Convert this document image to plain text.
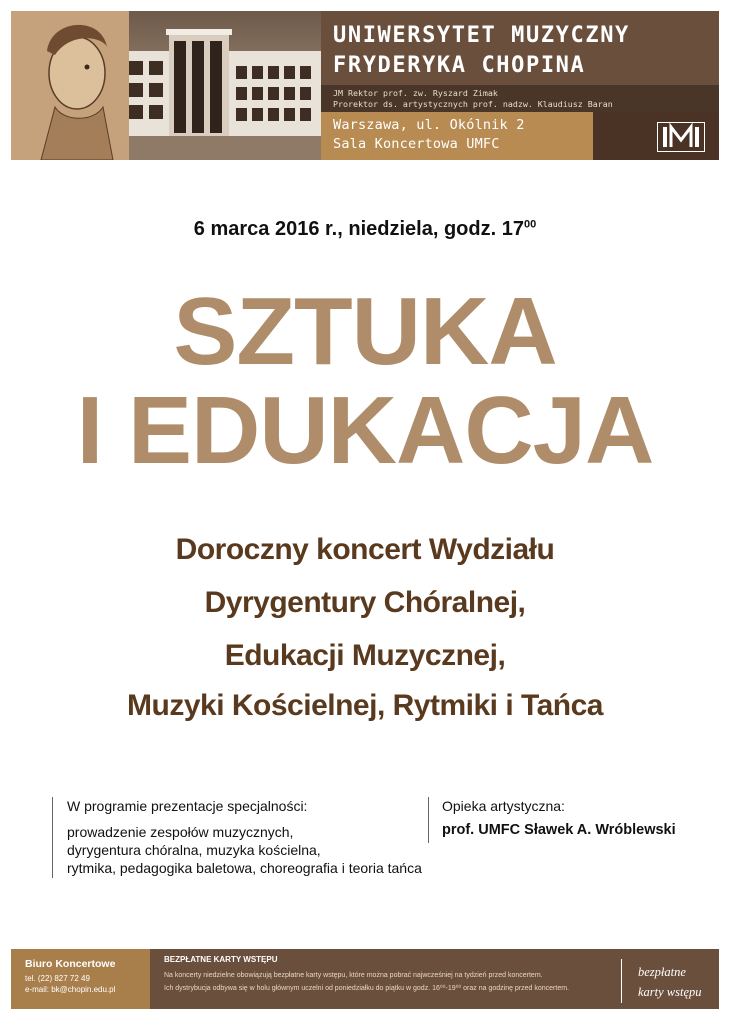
UNIWERSYTET MUZYCZNY
FRYDERYKA CHOPINA
JM Rektor prof. zw. Ryszard Zimak
Prorektor ds. artystycznych prof. nadzw. Klaudiusz Baran
Warszawa, ul. Okólnik 2
Sala Koncertowa UMFC
6 marca 2016 r., niedziela, godz. $17^{00}$
SZTUKA
I EDUKACJA
Doroczny koncert Wydziału
Dyrygentury Chóralnej,
Edukacji Muzycznej,
Muzyki Kościelnej, Rytmiki i Tańca
W programie prezentacje specjalności:
prowadzenie zespołów muzycznych,
dyrygentura chóralna, muzyka kościelna,
rytmika, pedagogika baletowa, choreografia i teoria tańca
Opieka artystyczna:
prof. UMFC Sławek A. Wróblewski
Biuro Koncertowe
tel. (22) 827 72 49
e-mail: bk@chopin.edu.pl
BEZPŁATNE KARTY WSTĘPU
Na koncerty niedzielne obowiązują bezpłatne karty wstępu, które można pobrać najwcześniej na tydzień przed koncertem.
Ich dystrybucja odbywa się w holu głównym uczelni od poniedziałku do piątku w godz. 16⁰⁰-19⁰⁰ oraz na godzinę przed koncertem.
bezpłatne
karty wstępu
